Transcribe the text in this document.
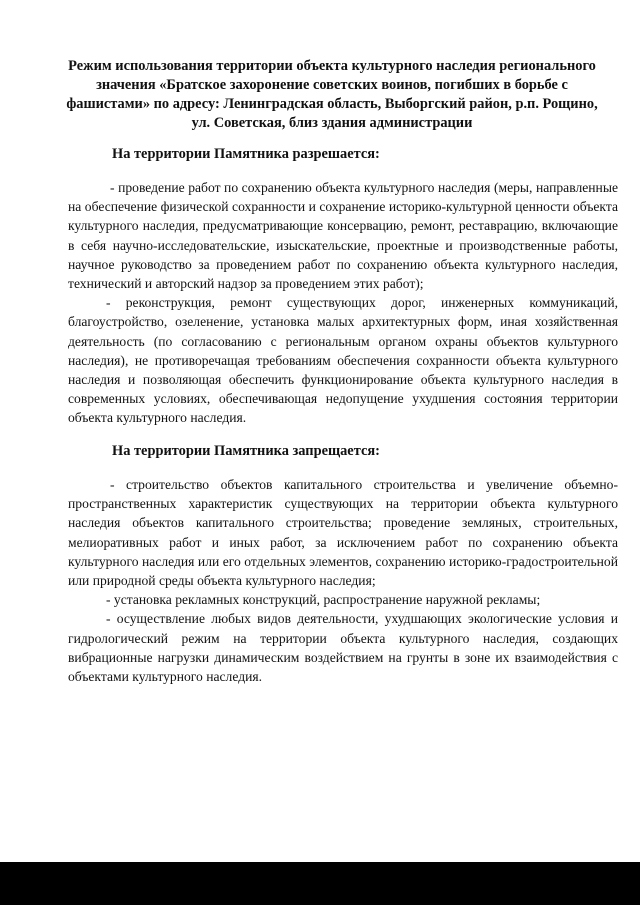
Режим использования территории объекта культурного наследия регионального значения «Братское захоронение советских воинов, погибших в борьбе с фашистами» по адресу: Ленинградская область, Выборгский район, р.п. Рощино, ул. Советская, близ здания администрации
На территории Памятника разрешается:

- проведение работ по сохранению объекта культурного наследия (меры, направленные на обеспечение физической сохранности и сохранение историко-культурной ценности объекта культурного наследия, предусматривающие консервацию, ремонт, реставрацию, включающие в себя научно-исследовательские, изыскательские, проектные и производственные работы, научное руководство за проведением работ по сохранению объекта культурного наследия, технический и авторский надзор за проведением этих работ);

- реконструкция, ремонт существующих дорог, инженерных коммуникаций, благоустройство, озеленение, установка малых архитектурных форм, иная хозяйственная деятельность (по согласованию с региональным органом охраны объектов культурного наследия), не противоречащая требованиям обеспечения сохранности объекта культурного наследия и позволяющая обеспечить функционирование объекта культурного наследия в современных условиях, обеспечивающая недопущение ухудшения состояния территории объекта культурного наследия.

На территории Памятника запрещается:

- строительство объектов капитального строительства и увеличение объемно-пространственных характеристик существующих на территории объекта культурного наследия объектов капитального строительства; проведение земляных, строительных, мелиоративных работ и иных работ, за исключением работ по сохранению объекта культурного наследия или его отдельных элементов, сохранению историко-градостроительной или природной среды объекта культурного наследия;

- установка рекламных конструкций, распространение наружной рекламы;

- осуществление любых видов деятельности, ухудшающих экологические условия и гидрологический режим на территории объекта культурного наследия, создающих вибрационные нагрузки динамическим воздействием на грунты в зоне их взаимодействия с объектами культурного наследия.
